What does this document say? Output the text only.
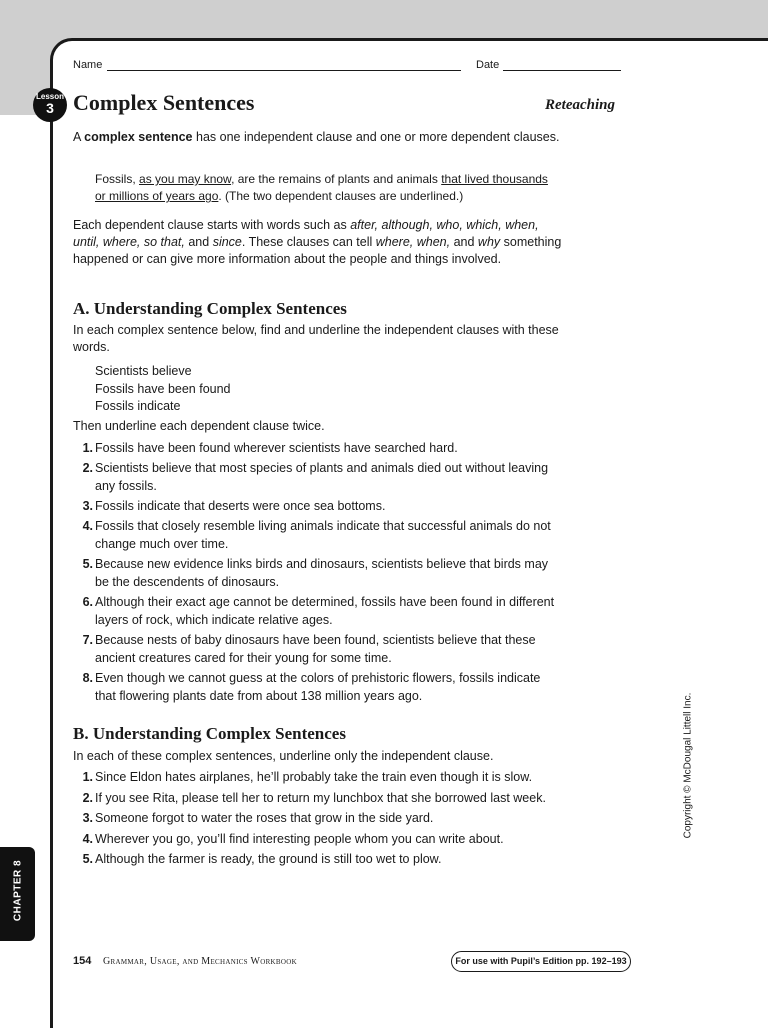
Name	Date
Lesson
3 Complex Sentences	Reteaching
A complex sentence has one independent clause and one or more dependent clauses.
Fossils, as you may know, are the remains of plants and animals that lived thousands or millions of years ago. (The two dependent clauses are underlined.)
Each dependent clause starts with words such as after, although, who, which, when, until, where, so that, and since. These clauses can tell where, when, and why something happened or can give more information about the people and things involved.
A. Understanding Complex Sentences
In each complex sentence below, find and underline the independent clauses with these words.
Scientists believe
Fossils have been found
Fossils indicate
Then underline each dependent clause twice.
1. Fossils have been found wherever scientists have searched hard.
2. Scientists believe that most species of plants and animals died out without leaving any fossils.
3. Fossils indicate that deserts were once sea bottoms.
4. Fossils that closely resemble living animals indicate that successful animals do not change much over time.
5. Because new evidence links birds and dinosaurs, scientists believe that birds may be the descendents of dinosaurs.
6. Although their exact age cannot be determined, fossils have been found in different layers of rock, which indicate relative ages.
7. Because nests of baby dinosaurs have been found, scientists believe that these ancient creatures cared for their young for some time.
8. Even though we cannot guess at the colors of prehistoric flowers, fossils indicate that flowering plants date from about 138 million years ago.
B. Understanding Complex Sentences
In each of these complex sentences, underline only the independent clause.
1. Since Eldon hates airplanes, he’ll probably take the train even though it is slow.
2. If you see Rita, please tell her to return my lunchbox that she borrowed last week.
3. Someone forgot to water the roses that grow in the side yard.
4. Wherever you go, you’ll find interesting people whom you can write about.
5. Although the farmer is ready, the ground is still too wet to plow.
Copyright © McDougal Littell Inc.
CHAPTER 8
154 Grammar, Usage, and Mechanics Workbook	For use with Pupil’s Edition pp. 192–193
